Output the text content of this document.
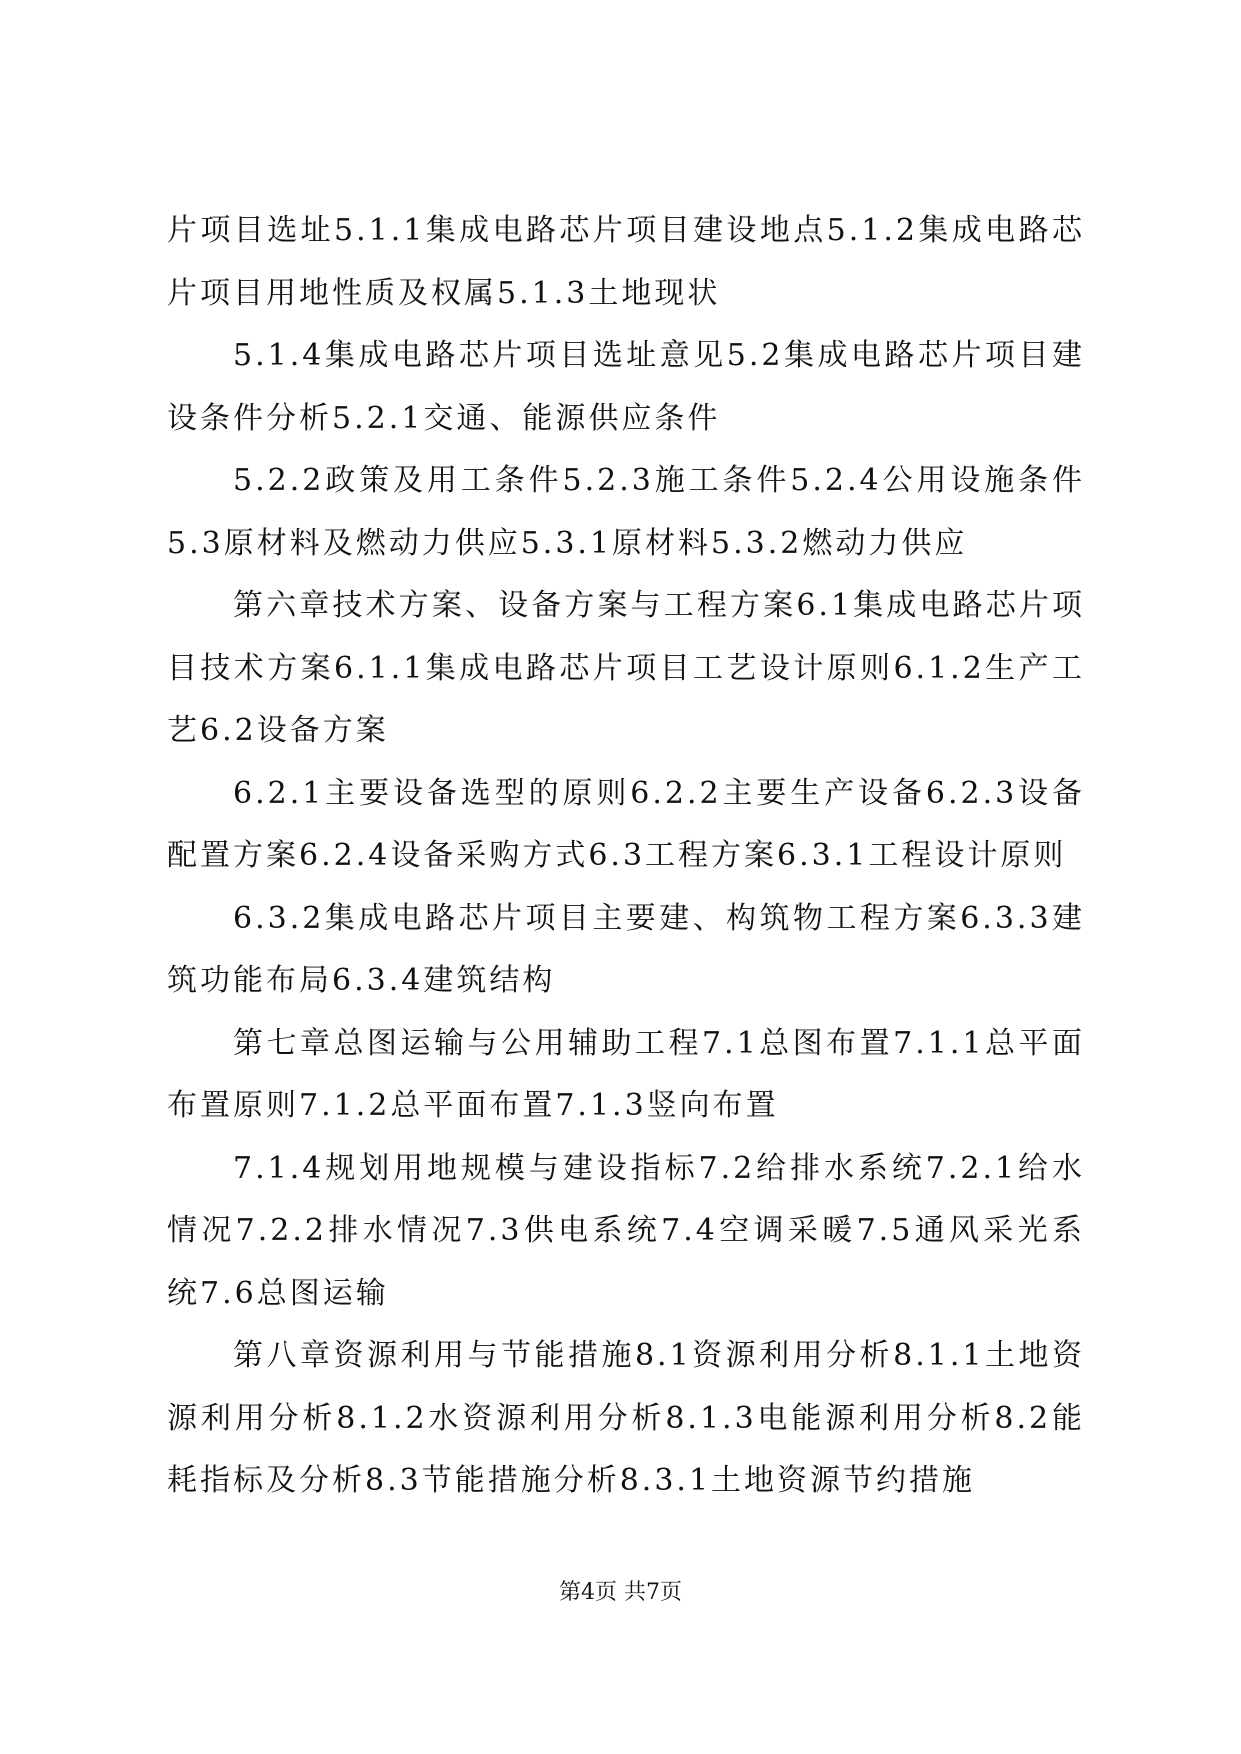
片项目选址5.1.1集成电路芯片项目建设地点5.1.2集成电路芯片项目用地性质及权属5.1.3土地现状

5.1.4集成电路芯片项目选址意见5.2集成电路芯片项目建设条件分析5.2.1交通、能源供应条件

5.2.2政策及用工条件5.2.3施工条件5.2.4公用设施条件5.3原材料及燃动力供应5.3.1原材料5.3.2燃动力供应

第六章技术方案、设备方案与工程方案6.1集成电路芯片项目技术方案6.1.1集成电路芯片项目工艺设计原则6.1.2生产工艺6.2设备方案

6.2.1主要设备选型的原则6.2.2主要生产设备6.2.3设备配置方案6.2.4设备采购方式6.3工程方案6.3.1工程设计原则

6.3.2集成电路芯片项目主要建、构筑物工程方案6.3.3建筑功能布局6.3.4建筑结构

第七章总图运输与公用辅助工程7.1总图布置7.1.1总平面布置原则7.1.2总平面布置7.1.3竖向布置

7.1.4规划用地规模与建设指标7.2给排水系统7.2.1给水情况7.2.2排水情况7.3供电系统7.4空调采暖7.5通风采光系统7.6总图运输

第八章资源利用与节能措施8.1资源利用分析8.1.1土地资源利用分析8.1.2水资源利用分析8.1.3电能源利用分析8.2能耗指标及分析8.3节能措施分析8.3.1土地资源节约措施

第4页 共7页
